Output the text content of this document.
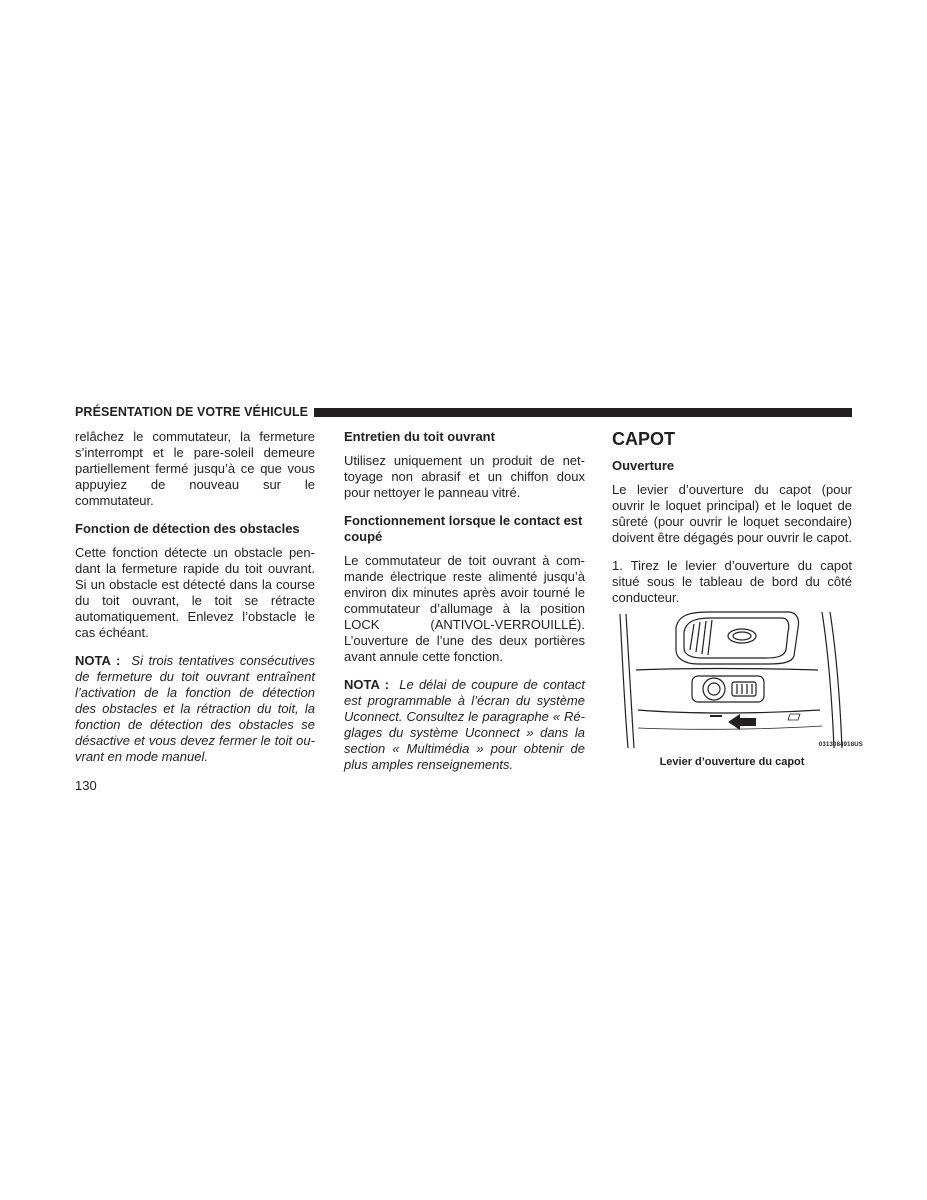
PRÉSENTATION DE VOTRE VÉHICULE

relâchez le commutateur, la fermeture s’interrompt et le pare-soleil demeure partiellement fermé jusqu’à ce que vous appuyiez de nouveau sur le commutateur.

Fonction de détection des obstacles

Cette fonction détecte un obstacle pendant la fermeture rapide du toit ouvrant. Si un obstacle est détecté dans la course du toit ouvrant, le toit se rétracte automatiquement. Enlevez l’obstacle le cas échéant.

NOTA : Si trois tentatives consécutives de fermeture du toit ouvrant entraînent l’activation de la fonction de détection des obstacles et la rétraction du toit, la fonction de détection des obstacles se désactive et vous devez fermer le toit ouvrant en mode manuel.

Entretien du toit ouvrant

Utilisez uniquement un produit de nettoyage non abrasif et un chiffon doux pour nettoyer le panneau vitré.

Fonctionnement lorsque le contact est coupé

Le commutateur de toit ouvrant à commande électrique reste alimenté jusqu’à environ dix minutes après avoir tourné le commutateur d’allumage à la position LOCK (ANTIVOL-VERROUILLÉ). L’ouverture de l’une des deux portières avant annule cette fonction.

NOTA : Le délai de coupure de contact est programmable à l’écran du système Uconnect. Consultez le paragraphe « Réglages du système Uconnect » dans la section « Multimédia » pour obtenir de plus amples renseignements.

CAPOT
Ouverture

Le levier d’ouverture du capot (pour ouvrir le loquet principal) et le loquet de sûreté (pour ouvrir le loquet secondaire) doivent être dégagés pour ouvrir le capot.

1. Tirez le levier d’ouverture du capot situé sous le tableau de bord du côté conducteur.

0313084918US
Levier d’ouverture du capot
130
